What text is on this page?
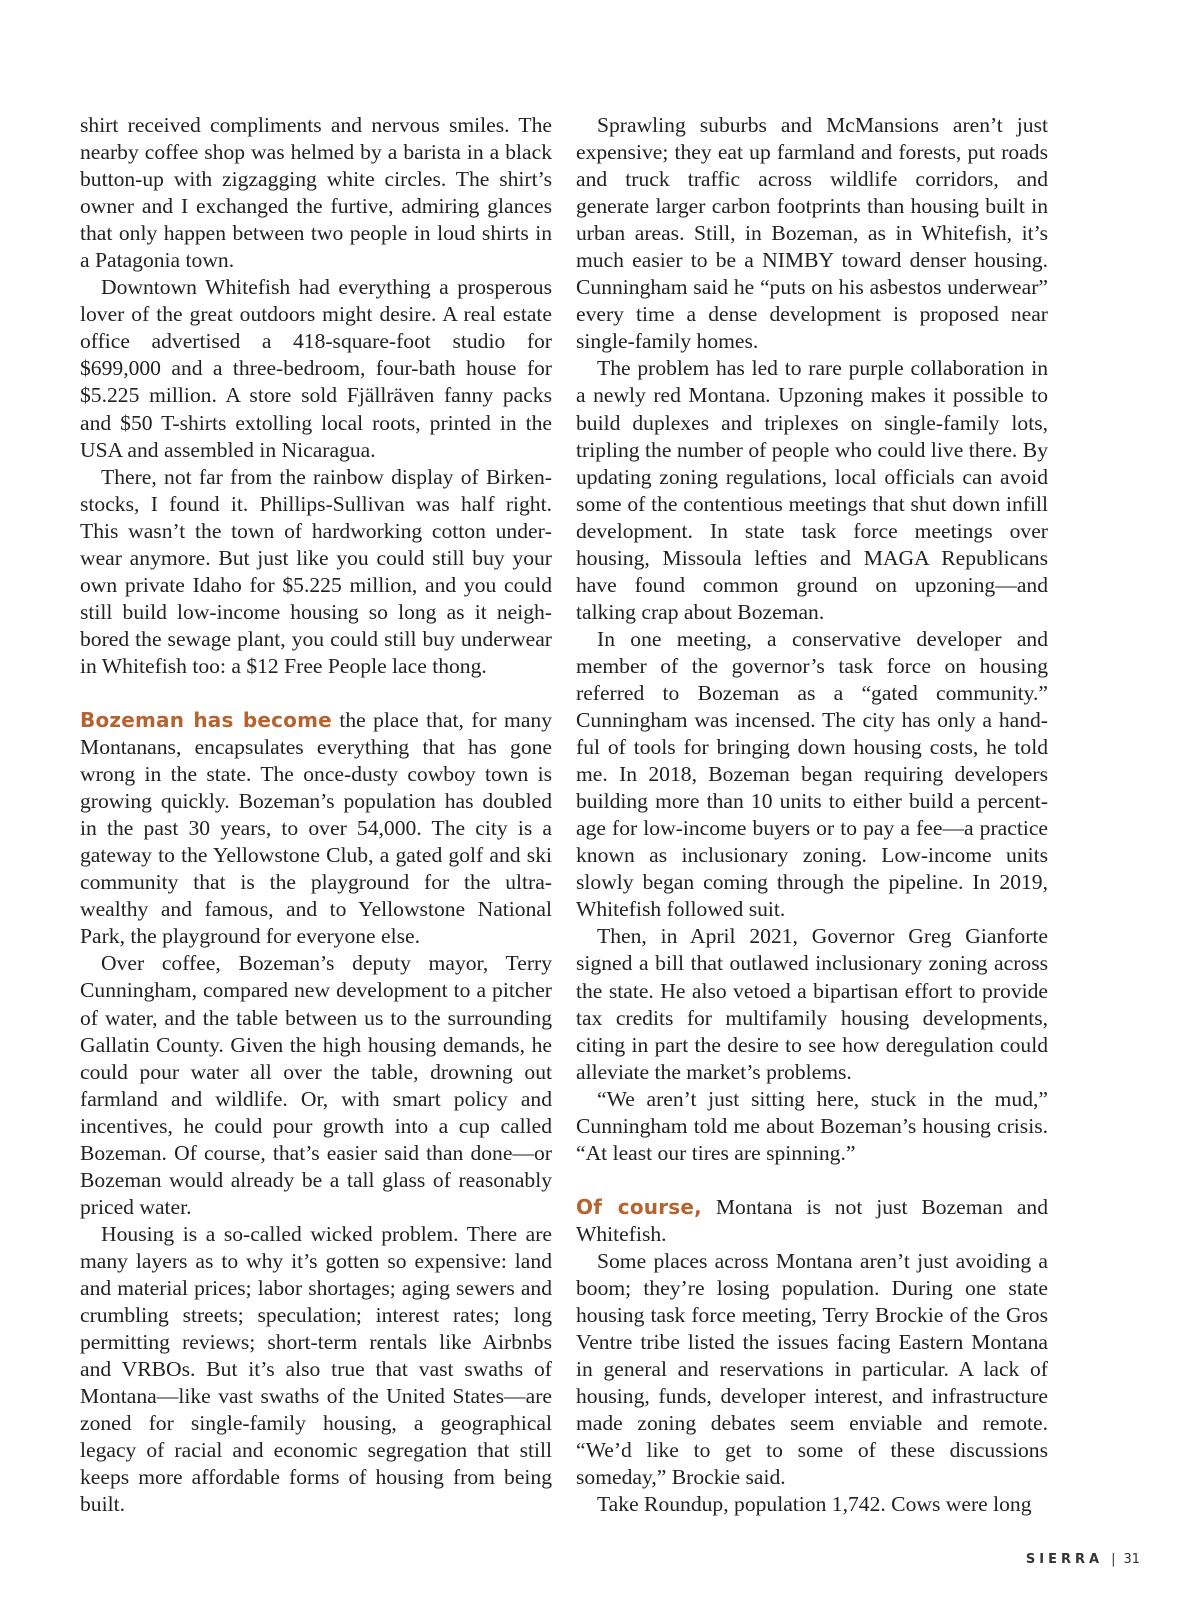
shirt received compliments and nervous smiles. The nearby coffee shop was helmed by a barista in a black button-up with zigzagging white circles. The shirt’s owner and I exchanged the furtive, admiring glances that only happen between two people in loud shirts in a Patagonia town.

Downtown Whitefish had everything a prosperous lover of the great outdoors might desire. A real estate office advertised a 418-square-foot studio for $699,000 and a three-bedroom, four-bath house for $5.225 million. A store sold Fjällräven fanny packs and $50 T-shirts extolling local roots, printed in the USA and assembled in Nicaragua.

There, not far from the rainbow display of Birkenstocks, I found it. Phillips-Sullivan was half right. This wasn’t the town of hardworking cotton underwear anymore. But just like you could still buy your own private Idaho for $5.225 million, and you could still build low-income housing so long as it neighbored the sewage plant, you could still buy underwear in Whitefish too: a $12 Free People lace thong.

Bozeman has become the place that, for many Montanans, encapsulates everything that has gone wrong in the state. The once-dusty cowboy town is growing quickly. Bozeman’s population has doubled in the past 30 years, to over 54,000. The city is a gateway to the Yellowstone Club, a gated golf and ski community that is the playground for the ultra-wealthy and famous, and to Yellowstone National Park, the playground for everyone else.

Over coffee, Bozeman’s deputy mayor, Terry Cunningham, compared new development to a pitcher of water, and the table between us to the surrounding Gallatin County. Given the high housing demands, he could pour water all over the table, drowning out farmland and wildlife. Or, with smart policy and incentives, he could pour growth into a cup called Bozeman. Of course, that’s easier said than done—or Bozeman would already be a tall glass of reasonably priced water.

Housing is a so-called wicked problem. There are many layers as to why it’s gotten so expensive: land and material prices; labor shortages; aging sewers and crumbling streets; speculation; interest rates; long permitting reviews; short-term rentals like Airbnbs and VRBOs. But it’s also true that vast swaths of Montana—like vast swaths of the United States—are zoned for single-family housing, a geographical legacy of racial and economic segregation that still keeps more affordable forms of housing from being built.

Sprawling suburbs and McMansions aren’t just expensive; they eat up farmland and forests, put roads and truck traffic across wildlife corridors, and generate larger carbon footprints than housing built in urban areas. Still, in Bozeman, as in Whitefish, it’s much easier to be a NIMBY toward denser housing. Cunningham said he “puts on his asbestos underwear” every time a dense development is proposed near single-family homes.

The problem has led to rare purple collaboration in a newly red Montana. Upzoning makes it possible to build duplexes and triplexes on single-family lots, tripling the number of people who could live there. By updating zoning regulations, local officials can avoid some of the contentious meetings that shut down infill development. In state task force meetings over housing, Missoula lefties and MAGA Republicans have found common ground on upzoning—and talking crap about Bozeman.

In one meeting, a conservative developer and member of the governor’s task force on housing referred to Bozeman as a “gated community.” Cunningham was incensed. The city has only a handful of tools for bringing down housing costs, he told me. In 2018, Bozeman began requiring developers building more than 10 units to either build a percentage for low-income buyers or to pay a fee—a practice known as inclusionary zoning. Low-income units slowly began coming through the pipeline. In 2019, Whitefish followed suit.

Then, in April 2021, Governor Greg Gianforte signed a bill that outlawed inclusionary zoning across the state. He also vetoed a bipartisan effort to provide tax credits for multifamily housing developments, citing in part the desire to see how deregulation could alleviate the market’s problems.

“We aren’t just sitting here, stuck in the mud,” Cunningham told me about Bozeman’s housing crisis. “At least our tires are spinning.”

Of course, Montana is not just Bozeman and Whitefish.

Some places across Montana aren’t just avoiding a boom; they’re losing population. During one state housing task force meeting, Terry Brockie of the Gros Ventre tribe listed the issues facing Eastern Montana in general and reservations in particular. A lack of housing, funds, developer interest, and infrastructure made zoning debates seem enviable and remote. “We’d like to get to some of these discussions someday,” Brockie said.

Take Roundup, population 1,742. Cows were long

SIERRA | 31
